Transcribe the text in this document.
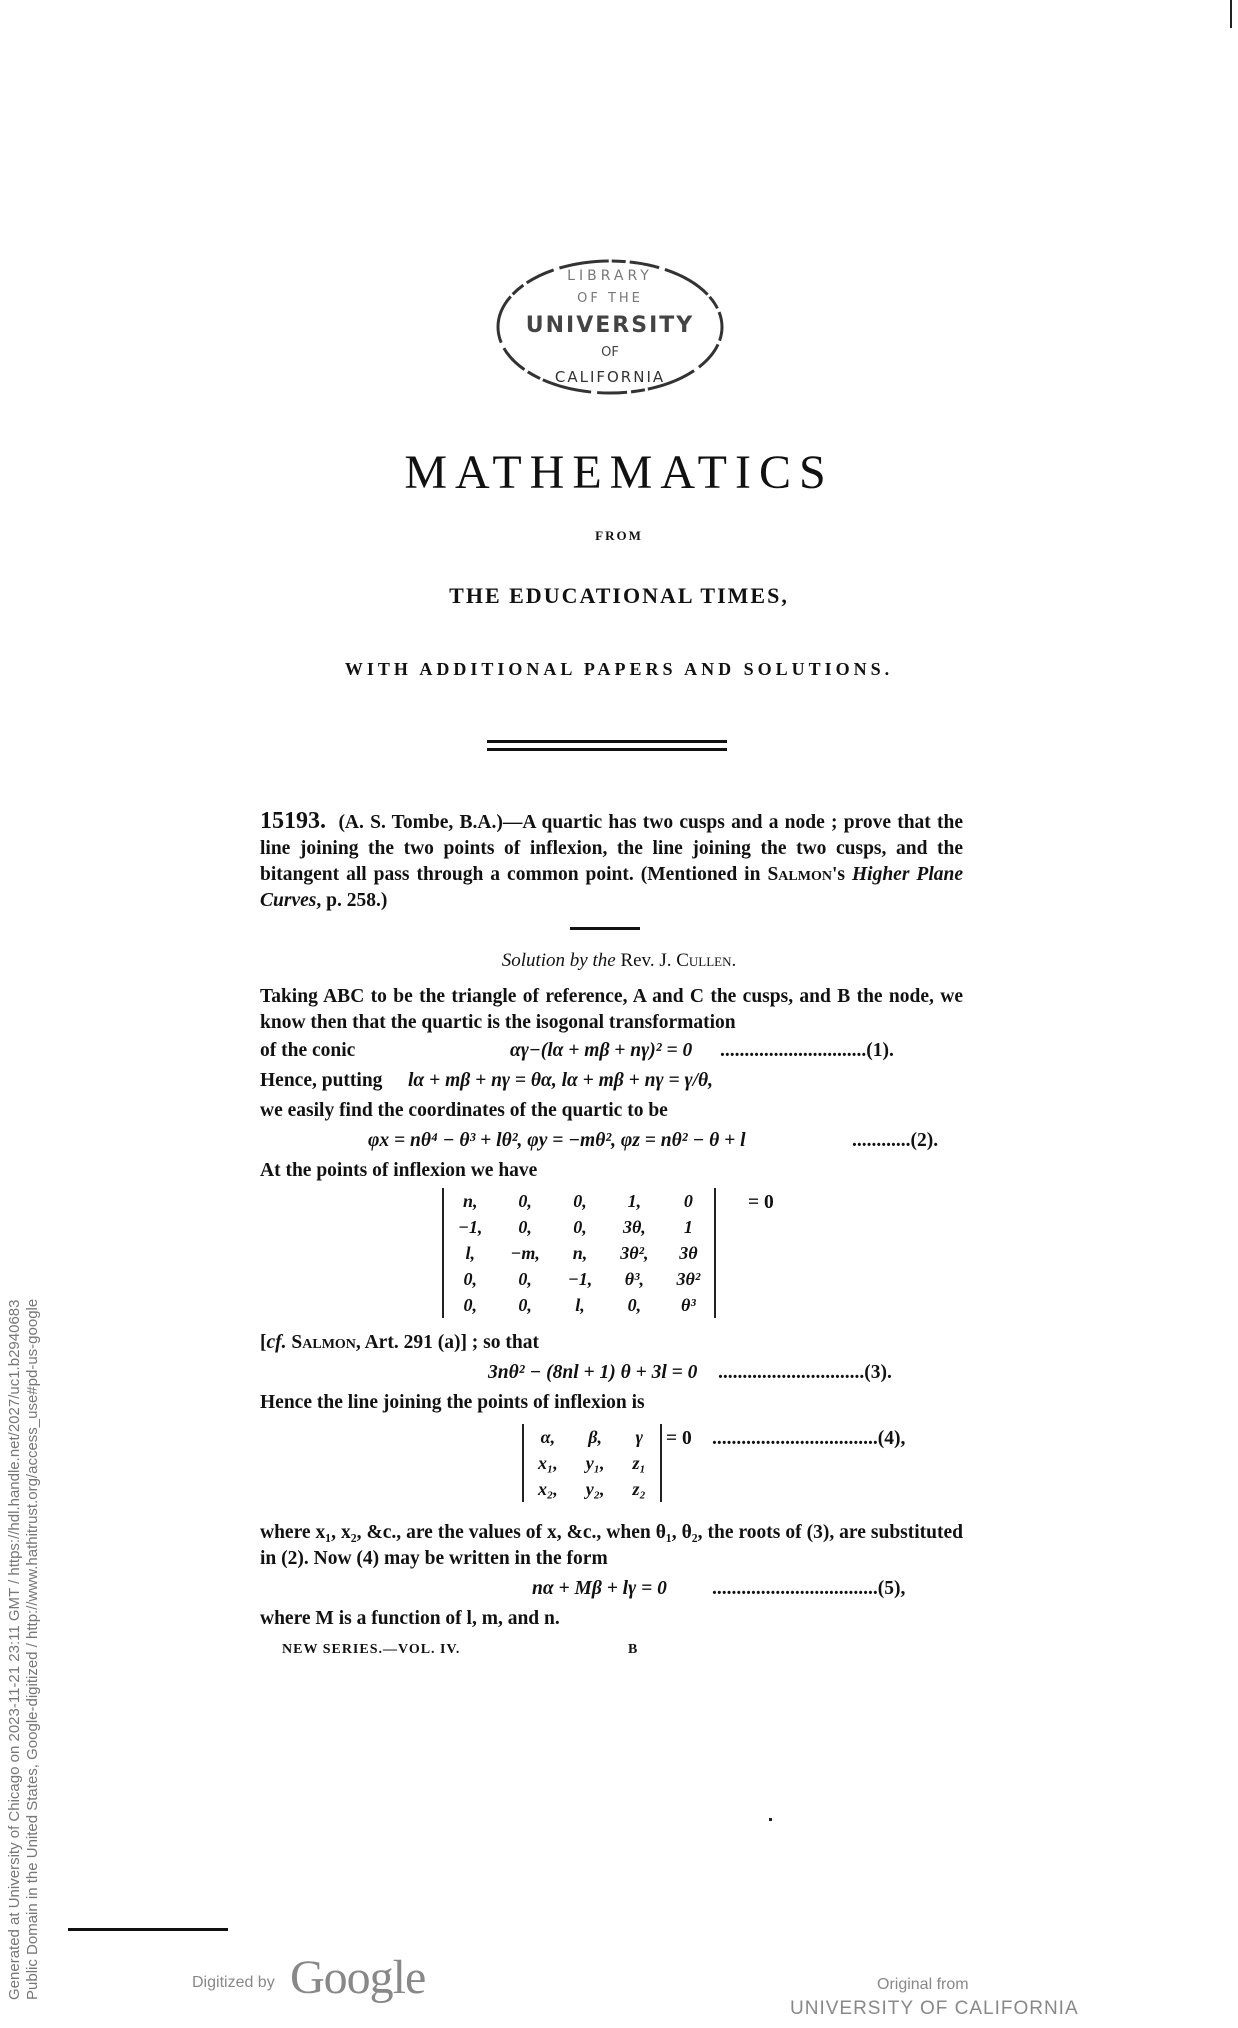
LIBRARY
OF THE
UNIVERSITY
OF
CALIFORNIA
MATHEMATICS
FROM
THE EDUCATIONAL TIMES,
WITH ADDITIONAL PAPERS AND SOLUTIONS.
15193. (A. S. Tombe, B.A.)—A quartic has two cusps and a node ; prove that the line joining the two points of inflexion, the line joining the two cusps, and the bitangent all pass through a common point. (Mentioned in Salmon's Higher Plane Curves, p. 258.)
Solution by the Rev. J. Cullen.
Taking ABC to be the triangle of reference, A and C the cusps, and B the node, we know then that the quartic is the isogonal transformation
of the conic	αγ−(lα + mβ + nγ)² = 0 ..............................(1).
Hence, putting lα + mβ + nγ = θα, lα + mβ + nγ = γ/θ,
we easily find the coordinates of the quartic to be
φx = nθ⁴ − θ³ + lθ², φy = −mθ², φz = nθ² − θ + l	............(2).
At the points of inflexion we have
n,	0,	0,	1,	0
−1,	0,	0,	3θ,	1
l,	−m,	n,	3θ²,	3θ
0,	0,	−1,	θ³,	3θ²
0,	0,	l,	0,	θ³
= 0
[cf. Salmon, Art. 291 (a)] ; so that
3nθ² − (8nl + 1) θ + 3l = 0 ..............................(3).
Hence the line joining the points of inflexion is
α,	β,	γ
x₁,	y₁,	z₁
x₂,	y₂,	z₂
= 0 ..................................(4),
where x₁, x₂, &c., are the values of x, &c., when θ₁, θ₂, the roots of (3), are substituted in (2). Now (4) may be written in the form
nα + Mβ + lγ = 0 ..................................(5),
where M is a function of l, m, and n.
NEW SERIES.—VOL. IV.	B
Generated at University of Chicago on 2023-11-21 23:11 GMT / https://hdl.handle.net/2027/uc1.b2940683 Public Domain in the United States, Google-digitized / http://www.hathitrust.org/access_use#pd-us-google	Digitized by Google	Original from
UNIVERSITY OF CALIFORNIA
